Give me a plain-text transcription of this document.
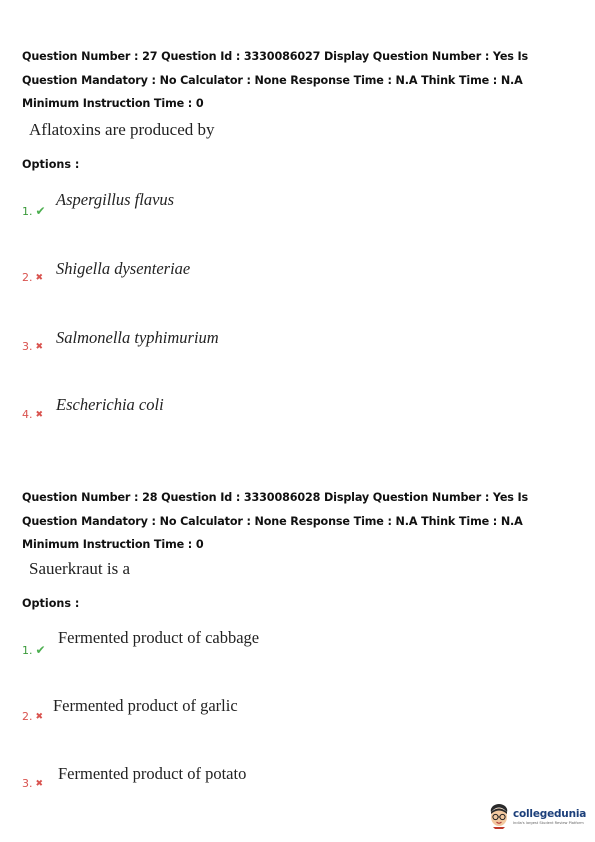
Question Number : 27 Question Id : 3330086027 Display Question Number : Yes Is Question Mandatory : No Calculator : None Response Time : N.A Think Time : N.A Minimum Instruction Time : 0
Aflatoxins are produced by
Options :
1. ✔
Aspergillus flavus
2. ✖ Shigella dysenteriae
3. ✖ Salmonella typhimurium
4. ✖
Escherichia coli
Question Number : 28 Question Id : 3330086028 Display Question Number : Yes Is Question Mandatory : No Calculator : None Response Time : N.A Think Time : N.A Minimum Instruction Time : 0
Sauerkraut is a
Options :
1. ✔
Fermented product of cabbage
2. ✖
Fermented product of garlic
3. ✖
Fermented product of potato
collegedunia
India's largest Student Review Platform
